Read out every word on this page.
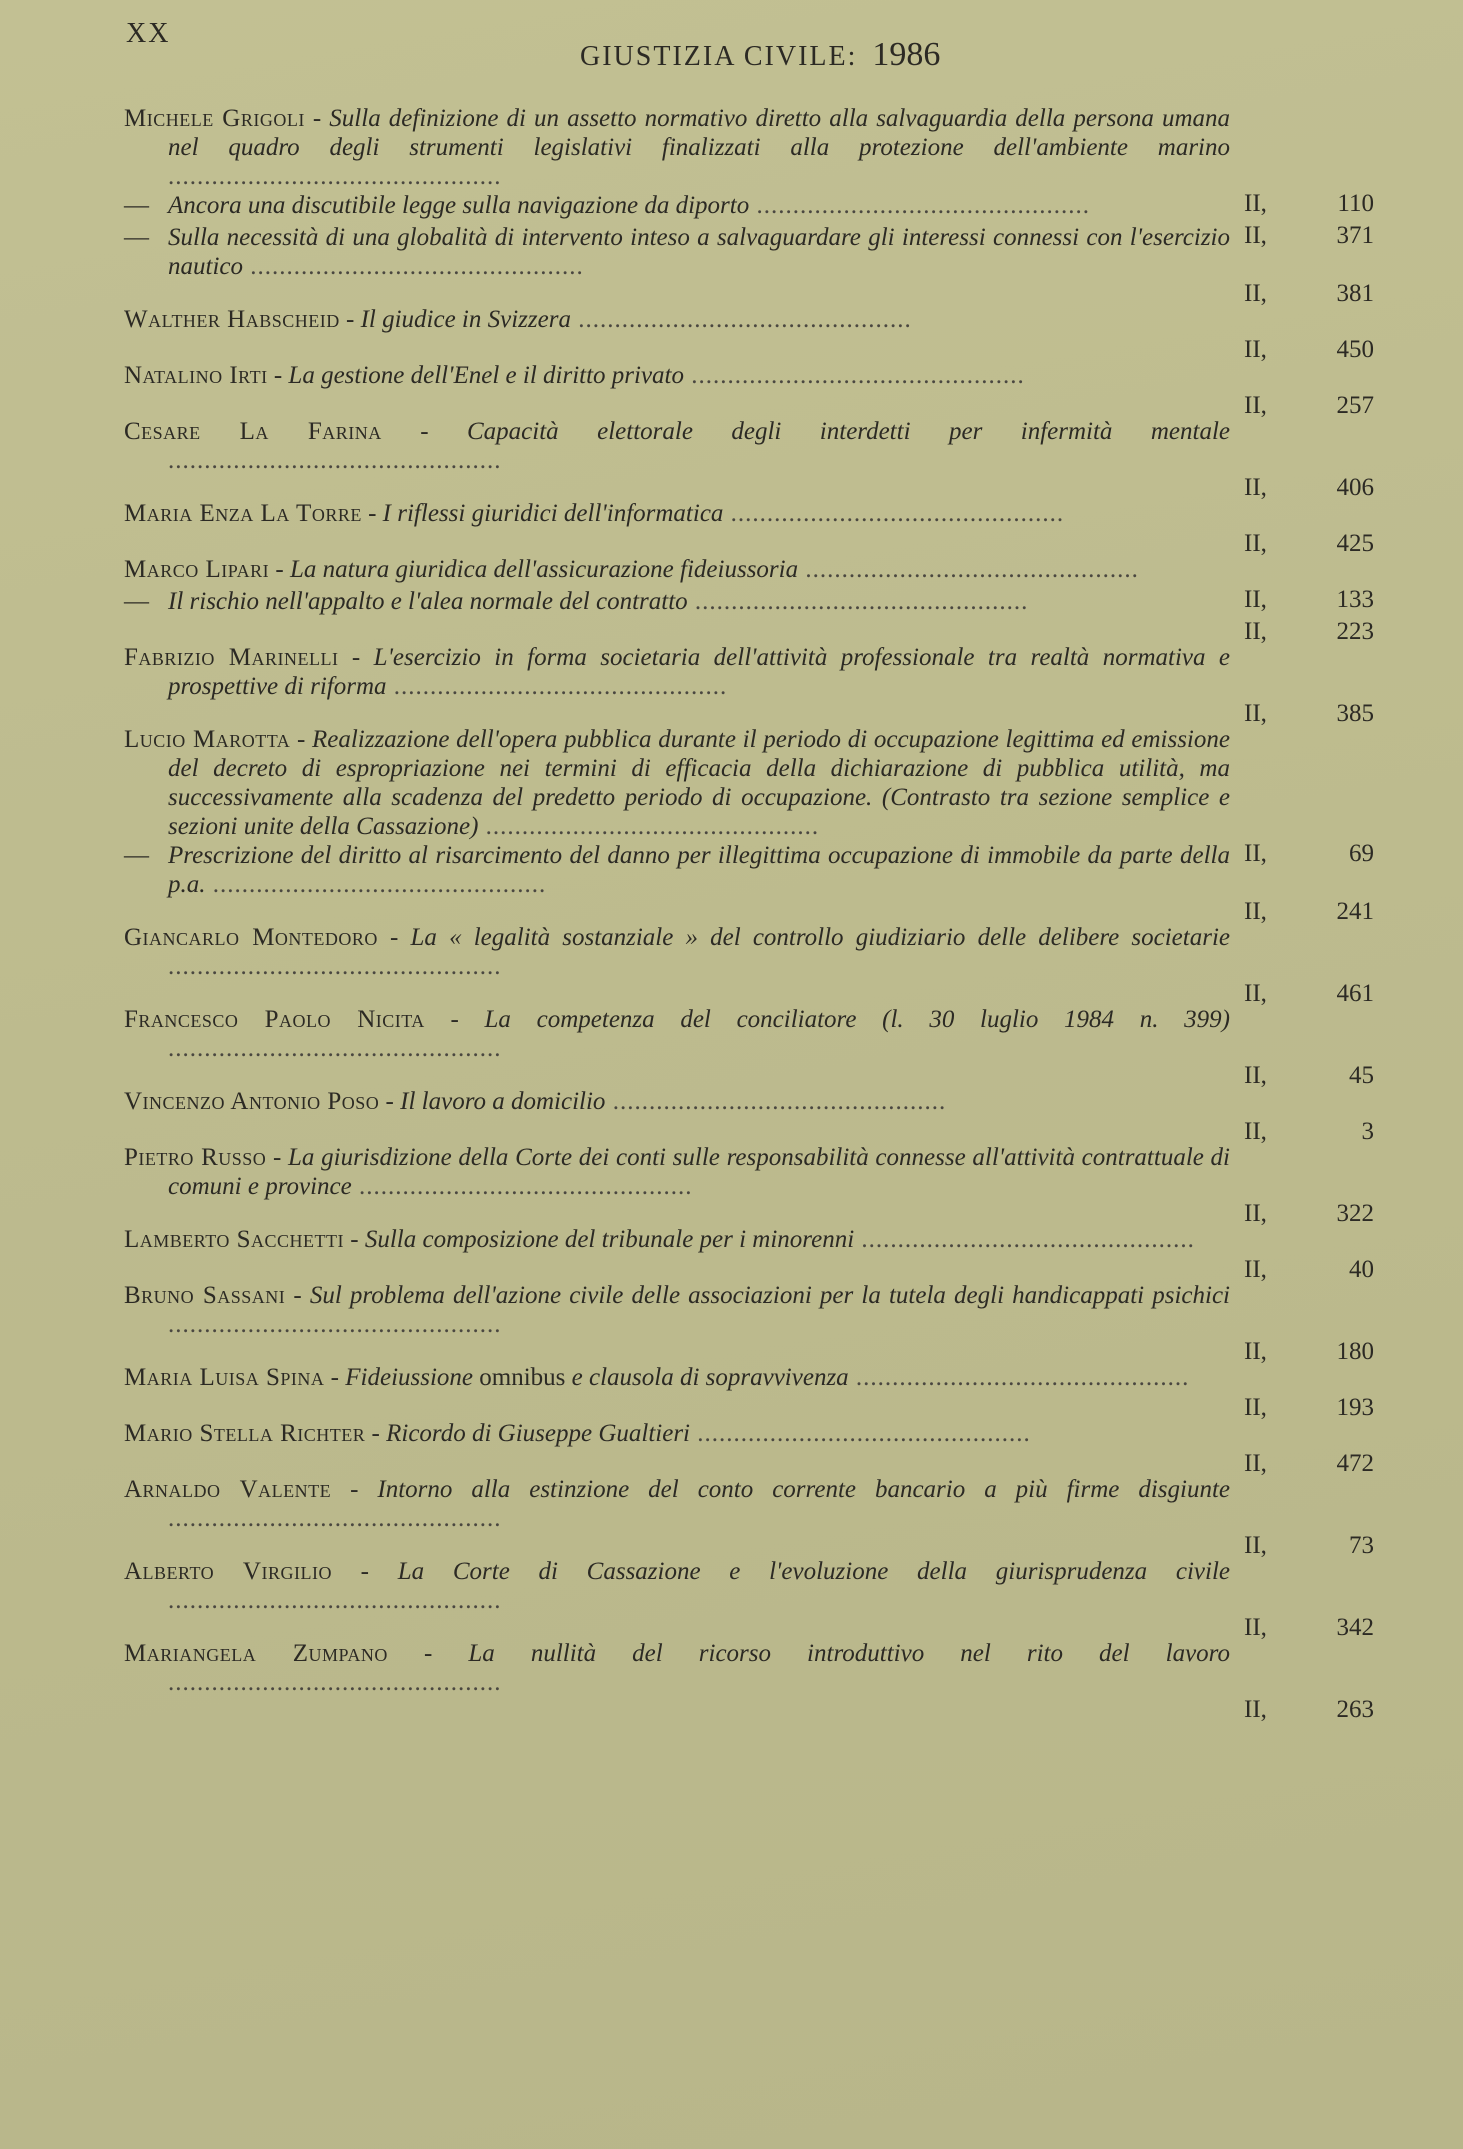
XX
GIUSTIZIA CIVILE: 1986
Michele Grigoli - Sulla definizione di un assetto normativo diretto alla salvaguardia della persona umana nel quadro degli strumenti legislativi finalizzati alla protezione dell'ambiente marino ..............................................
II,	110
— Ancora una discutibile legge sulla navigazione da diporto ..............................................
II,	371
— Sulla necessità di una globalità di intervento inteso a salvaguardare gli interessi connessi con l'esercizio nautico ..............................................
II,	381
Walther Habscheid - Il giudice in Svizzera ..............................................
II,	450
Natalino Irti - La gestione dell'Enel e il diritto privato ..............................................
II,	257
Cesare La Farina - Capacità elettorale degli interdetti per infermità mentale ..............................................
II,	406
Maria Enza La Torre - I riflessi giuridici dell'informatica ..............................................
II,	425
Marco Lipari - La natura giuridica dell'assicurazione fideiussoria ..............................................
II,	133
— Il rischio nell'appalto e l'alea normale del contratto ..............................................
II,	223
Fabrizio Marinelli - L'esercizio in forma societaria dell'attività professionale tra realtà normativa e prospettive di riforma ..............................................
II,	385
Lucio Marotta - Realizzazione dell'opera pubblica durante il periodo di occupazione legittima ed emissione del decreto di espropriazione nei termini di efficacia della dichiarazione di pubblica utilità, ma successivamente alla scadenza del predetto periodo di occupazione. (Contrasto tra sezione semplice e sezioni unite della Cassazione) ..............................................
II,	69
— Prescrizione del diritto al risarcimento del danno per illegittima occupazione di immobile da parte della p.a. ..............................................
II,	241
Giancarlo Montedoro - La « legalità sostanziale » del controllo giudiziario delle delibere societarie ..............................................
II,	461
Francesco Paolo Nicita - La competenza del conciliatore (l. 30 luglio 1984 n. 399) ..............................................
II,	45
Vincenzo Antonio Poso - Il lavoro a domicilio ..............................................
II,	3
Pietro Russo - La giurisdizione della Corte dei conti sulle responsabilità connesse all'attività contrattuale di comuni e province ..............................................
II,	322
Lamberto Sacchetti - Sulla composizione del tribunale per i minorenni ..............................................
II,	40
Bruno Sassani - Sul problema dell'azione civile delle associazioni per la tutela degli handicappati psichici ..............................................
II,	180
Maria Luisa Spina - Fideiussione omnibus e clausola di sopravvivenza ..............................................
II,	193
Mario Stella Richter - Ricordo di Giuseppe Gualtieri ..............................................
II,	472
Arnaldo Valente - Intorno alla estinzione del conto corrente bancario a più firme disgiunte ..............................................
II,	73
Alberto Virgilio - La Corte di Cassazione e l'evoluzione della giurisprudenza civile ..............................................
II,	342
Mariangela Zumpano - La nullità del ricorso introduttivo nel rito del lavoro ..............................................
II,	263
